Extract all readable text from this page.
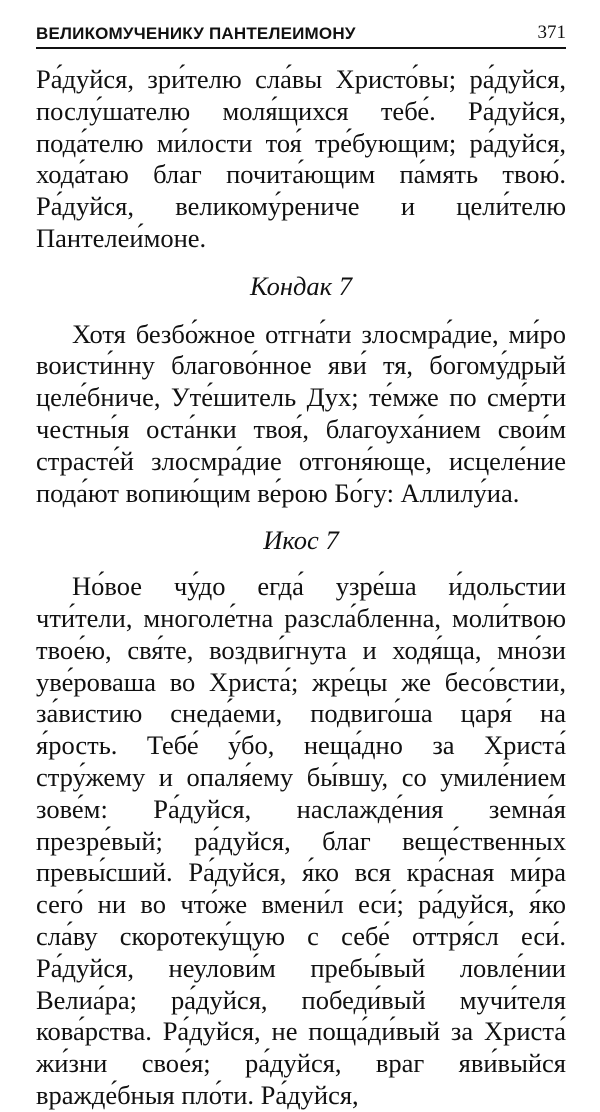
ВЕЛИКОМУЧЕНИКУ ПАНТЕЛЕИМОНУ	371

Ра́дуйся, зри́телю сла́вы Христо́вы; ра́дуйся, послу́шателю моля́щихся тебе́. Ра́дуйся, пода́телю ми́лости тоя́ тре́бующим; ра́дуйся, хода́таю благ почита́ющим па́мять твою́. Ра́дуйся, великому́рениче и цели́телю Пантелеи́моне.

Кондак 7

Хотя безбо́жное отгна́ти злосмра́дие, ми́ро воисти́нну благово́нное яви́ тя, богому́дрый целе́бниче, Уте́шитель Дух; те́мже по сме́рти честны́я оста́нки твоя́, благоуха́нием свои́м страсте́й злосмра́дие отгоня́юще, исцеле́ние пода́ют вопию́щим ве́рою Бо́гу: Аллилу́иа.

Икос 7

Но́вое чу́до егда́ узре́ша и́дольстии чти́тели, многоле́тна разсла́бленна, моли́твою твое́ю, свя́те, воздви́гнута и ходя́ща, мно́зи уве́роваша во Христа́; жре́цы же бесо́встии, за́вистию снеда́еми, подвиго́ша царя́ на я́рость. Тебе́ у́бо, неща́дно за Христа́ стру́жему и опаля́ему бы́вшу, со умиле́нием зове́м: Ра́дуйся, наслажде́ния земна́я презре́вый; ра́дуйся, благ веще́ственных превы́сший. Ра́дуйся, я́ко вся кра́сная ми́ра сего́ ни во что́же вмени́л еси́; ра́дуйся, я́ко сла́ву скоротеку́щую с себе́ оттря́сл еси́. Ра́дуйся, неулови́м пребы́вый ловле́нии Велиа́ра; ра́дуйся, победи́вый мучи́теля кова́рства. Ра́дуйся, не поща́ди́вый за Христа́ жи́зни свое́я; ра́дуйся, враг яви́выйся вражде́бныя пло́ти. Ра́дуйся,
